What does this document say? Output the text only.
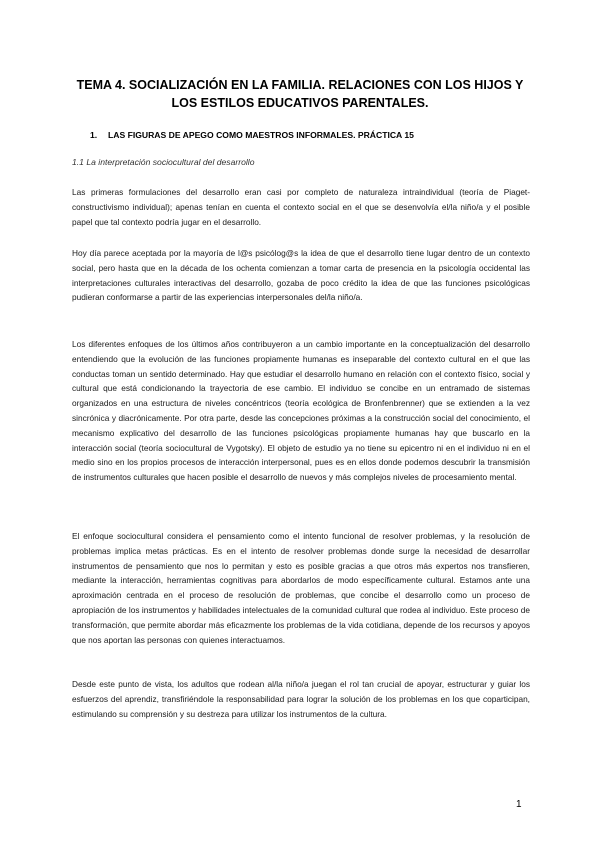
TEMA 4. SOCIALIZACIÓN EN LA FAMILIA. RELACIONES CON LOS HIJOS Y LOS ESTILOS EDUCATIVOS PARENTALES.
1. LAS FIGURAS DE APEGO COMO MAESTROS INFORMALES. PRÁCTICA 15
1.1 La interpretación sociocultural del desarrollo

Las primeras formulaciones del desarrollo eran casi por completo de naturaleza intraindividual (teoría de Piaget-constructivismo individual); apenas tenían en cuenta el contexto social en el que se desenvolvía el/la niño/a y el posible papel que tal contexto podría jugar en el desarrollo.

Hoy día parece aceptada por la mayoría de l@s psicólog@s la idea de que el desarrollo tiene lugar dentro de un contexto social, pero hasta que en la década de los ochenta comienzan a tomar carta de presencia en la psicología occidental las interpretaciones culturales interactivas del desarrollo, gozaba de poco crédito la idea de que las funciones psicológicas pudieran conformarse a partir de las experiencias interpersonales del/la niño/a.

Los diferentes enfoques de los últimos años contribuyeron a un cambio importante en la conceptualización del desarrollo entendiendo que la evolución de las funciones propiamente humanas es inseparable del contexto cultural en el que las conductas toman un sentido determinado. Hay que estudiar el desarrollo humano en relación con el contexto físico, social y cultural que está condicionando la trayectoria de ese cambio. El individuo se concibe en un entramado de sistemas organizados en una estructura de niveles concéntricos (teoría ecológica de Bronfenbrenner) que se extienden a la vez sincrónica y diacrónicamente. Por otra parte, desde las concepciones próximas a la construcción social del conocimiento, el mecanismo explicativo del desarrollo de las funciones psicológicas propiamente humanas hay que buscarlo en la interacción social (teoría sociocultural de Vygotsky). El objeto de estudio ya no tiene su epicentro ni en el individuo ni en el medio sino en los propios procesos de interacción interpersonal, pues es en ellos donde podemos descubrir la transmisión de instrumentos culturales que hacen posible el desarrollo de nuevos y más complejos niveles de procesamiento mental.

El enfoque sociocultural considera el pensamiento como el intento funcional de resolver problemas, y la resolución de problemas implica metas prácticas. Es en el intento de resolver problemas donde surge la necesidad de desarrollar instrumentos de pensamiento que nos lo permitan y esto es posible gracias a que otros más expertos nos transfieren, mediante la interacción, herramientas cognitivas para abordarlos de modo específicamente cultural. Estamos ante una aproximación centrada en el proceso de resolución de problemas, que concibe el desarrollo como un proceso de apropiación de los instrumentos y habilidades intelectuales de la comunidad cultural que rodea al individuo. Este proceso de transformación, que permite abordar más eficazmente los problemas de la vida cotidiana, depende de los recursos y apoyos que nos aportan las personas con quienes interactuamos.

Desde este punto de vista, los adultos que rodean al/la niño/a juegan el rol tan crucial de apoyar, estructurar y guiar los esfuerzos del aprendiz, transfiriéndole la responsabilidad para lograr la solución de los problemas en los que coparticipan, estimulando su comprensión y su destreza para utilizar los instrumentos de la cultura.

1
